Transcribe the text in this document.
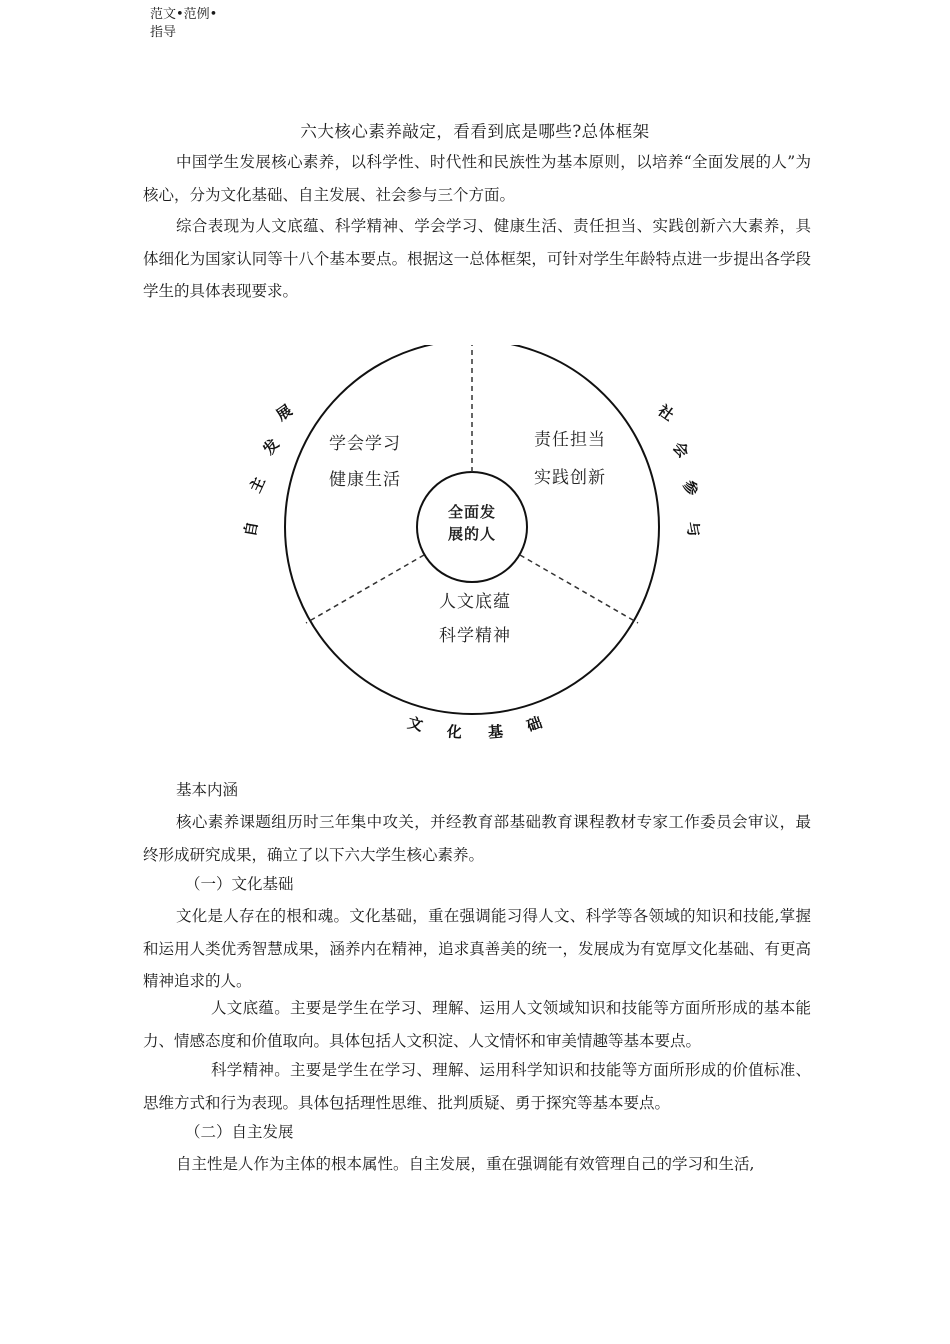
范文•范例•
指导
六大核心素养敲定，看看到底是哪些?总体框架

中国学生发展核心素养，以科学性、时代性和民族性为基本原则，以培养“全面发展的人”为核心，分为文化基础、自主发展、社会参与三个方面。

综合表现为人文底蕴、科学精神、学会学习、健康生活、责任担当、实践创新六大素养，具体细化为国家认同等十八个基本要点。根据这一总体框架，可针对学生年龄特点进一步提出各学段学生的具体表现要求。

全面发
展的人
学会学习
健康生活
责任担当
实践创新
人文底蕴
科学精神
自
主
发
展	社
会
参
与
文 化 基 础
基本内涵

核心素养课题组历时三年集中攻关，并经教育部基础教育课程教材专家工作委员会审议，最终形成研究成果，确立了以下六大学生核心素养。

（一）文化基础

文化是人存在的根和魂。文化基础，重在强调能习得人文、科学等各领域的知识和技能,掌握和运用人类优秀智慧成果，涵养内在精神，追求真善美的统一，发展成为有宽厚文化基础、有更高精神追求的人。

人文底蕴。主要是学生在学习、理解、运用人文领域知识和技能等方面所形成的基本能力、情感态度和价值取向。具体包括人文积淀、人文情怀和审美情趣等基本要点。

科学精神。主要是学生在学习、理解、运用科学知识和技能等方面所形成的价值标准、思维方式和行为表现。具体包括理性思维、批判质疑、勇于探究等基本要点。

（二）自主发展

自主性是人作为主体的根本属性。自主发展，重在强调能有效管理自己的学习和生活,
